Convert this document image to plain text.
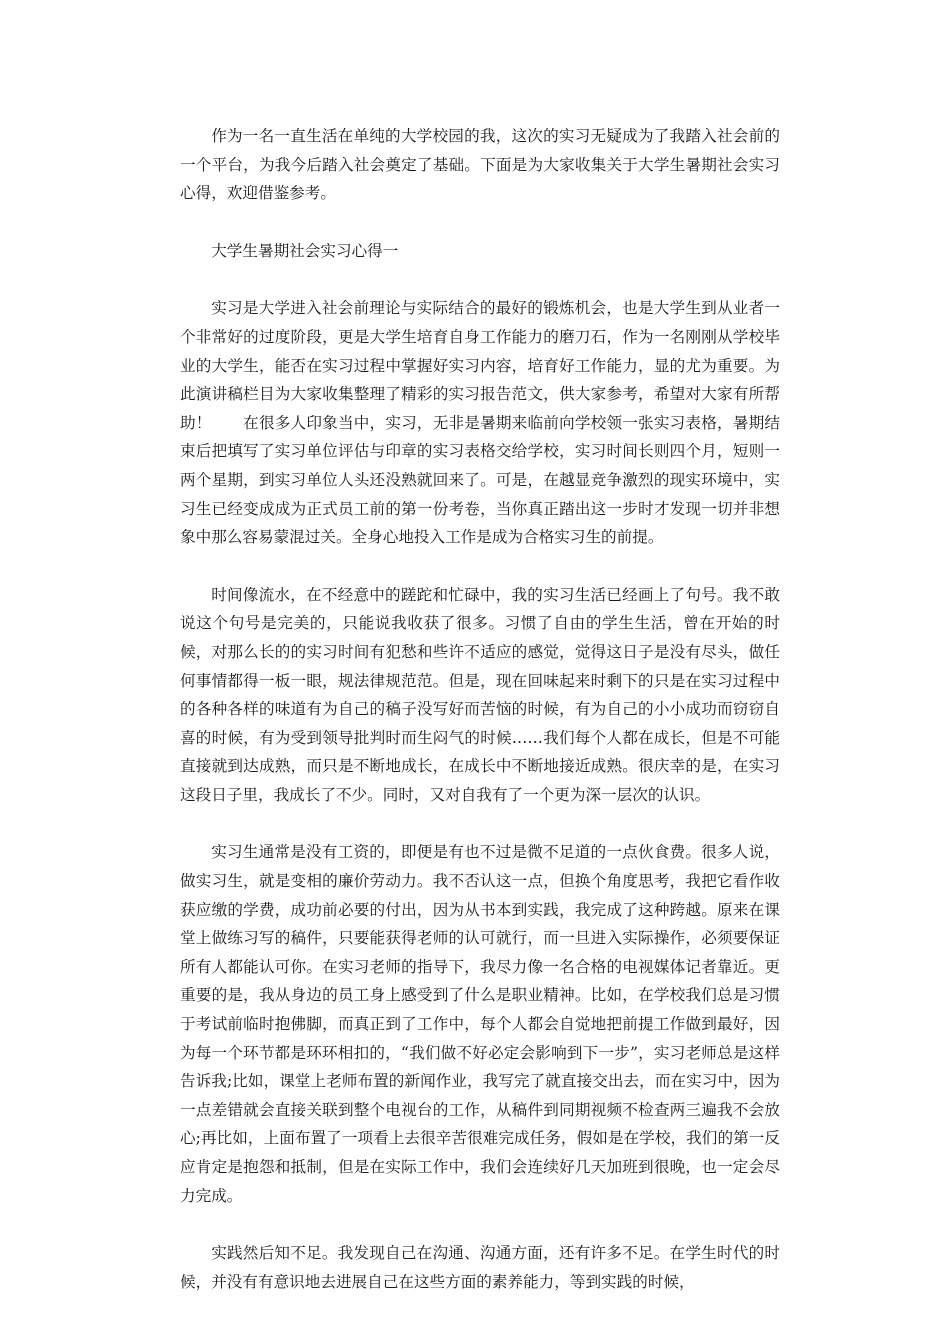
作为一名一直生活在单纯的大学校园的我，这次的实习无疑成为了我踏入社会前的一个平台，为我今后踏入社会奠定了基础。下面是为大家收集关于大学生暑期社会实习心得，欢迎借鉴参考。

大学生暑期社会实习心得一

实习是大学进入社会前理论与实际结合的最好的锻炼机会，也是大学生到从业者一个非常好的过度阶段，更是大学生培育自身工作能力的磨刀石，作为一名刚刚从学校毕业的大学生，能否在实习过程中掌握好实习内容，培育好工作能力，显的尤为重要。为此演讲稿栏目为大家收集整理了精彩的实习报告范文，供大家参考，希望对大家有所帮助！　　在很多人印象当中，实习，无非是暑期来临前向学校领一张实习表格，暑期结束后把填写了实习单位评估与印章的实习表格交给学校，实习时间长则四个月，短则一两个星期，到实习单位人头还没熟就回来了。可是，在越显竞争激烈的现实环境中，实习生已经变成成为正式员工前的第一份考卷，当你真正踏出这一步时才发现一切并非想象中那么容易蒙混过关。全身心地投入工作是成为合格实习生的前提。

时间像流水，在不经意中的蹉跎和忙碌中，我的实习生活已经画上了句号。我不敢说这个句号是完美的，只能说我收获了很多。习惯了自由的学生生活，曾在开始的时候，对那么长的的实习时间有犯愁和些许不适应的感觉，觉得这日子是没有尽头，做任何事情都得一板一眼，规法律规范范。但是，现在回味起来时剩下的只是在实习过程中的各种各样的味道有为自己的稿子没写好而苦恼的时候，有为自己的小小成功而窃窃自喜的时候，有为受到领导批判时而生闷气的时候……我们每个人都在成长，但是不可能直接就到达成熟，而只是不断地成长，在成长中不断地接近成熟。很庆幸的是，在实习这段日子里，我成长了不少。同时，又对自我有了一个更为深一层次的认识。

实习生通常是没有工资的，即便是有也不过是微不足道的一点伙食费。很多人说，做实习生，就是变相的廉价劳动力。我不否认这一点，但换个角度思考，我把它看作收获应缴的学费，成功前必要的付出，因为从书本到实践，我完成了这种跨越。原来在课堂上做练习写的稿件，只要能获得老师的认可就行，而一旦进入实际操作，必须要保证所有人都能认可你。在实习老师的指导下，我尽力像一名合格的电视媒体记者靠近。更重要的是，我从身边的员工身上感受到了什么是职业精神。比如，在学校我们总是习惯于考试前临时抱佛脚，而真正到了工作中，每个人都会自觉地把前提工作做到最好，因为每一个环节都是环环相扣的，“我们做不好必定会影响到下一步”，实习老师总是这样告诉我;比如，课堂上老师布置的新闻作业，我写完了就直接交出去，而在实习中，因为一点差错就会直接关联到整个电视台的工作，从稿件到同期视频不检查两三遍我不会放心;再比如，上面布置了一项看上去很辛苦很难完成任务，假如是在学校，我们的第一反应肯定是抱怨和抵制，但是在实际工作中，我们会连续好几天加班到很晚，也一定会尽力完成。

实践然后知不足。我发现自己在沟通、沟通方面，还有许多不足。在学生时代的时候，并没有有意识地去进展自己在这些方面的素养能力，等到实践的时候，
